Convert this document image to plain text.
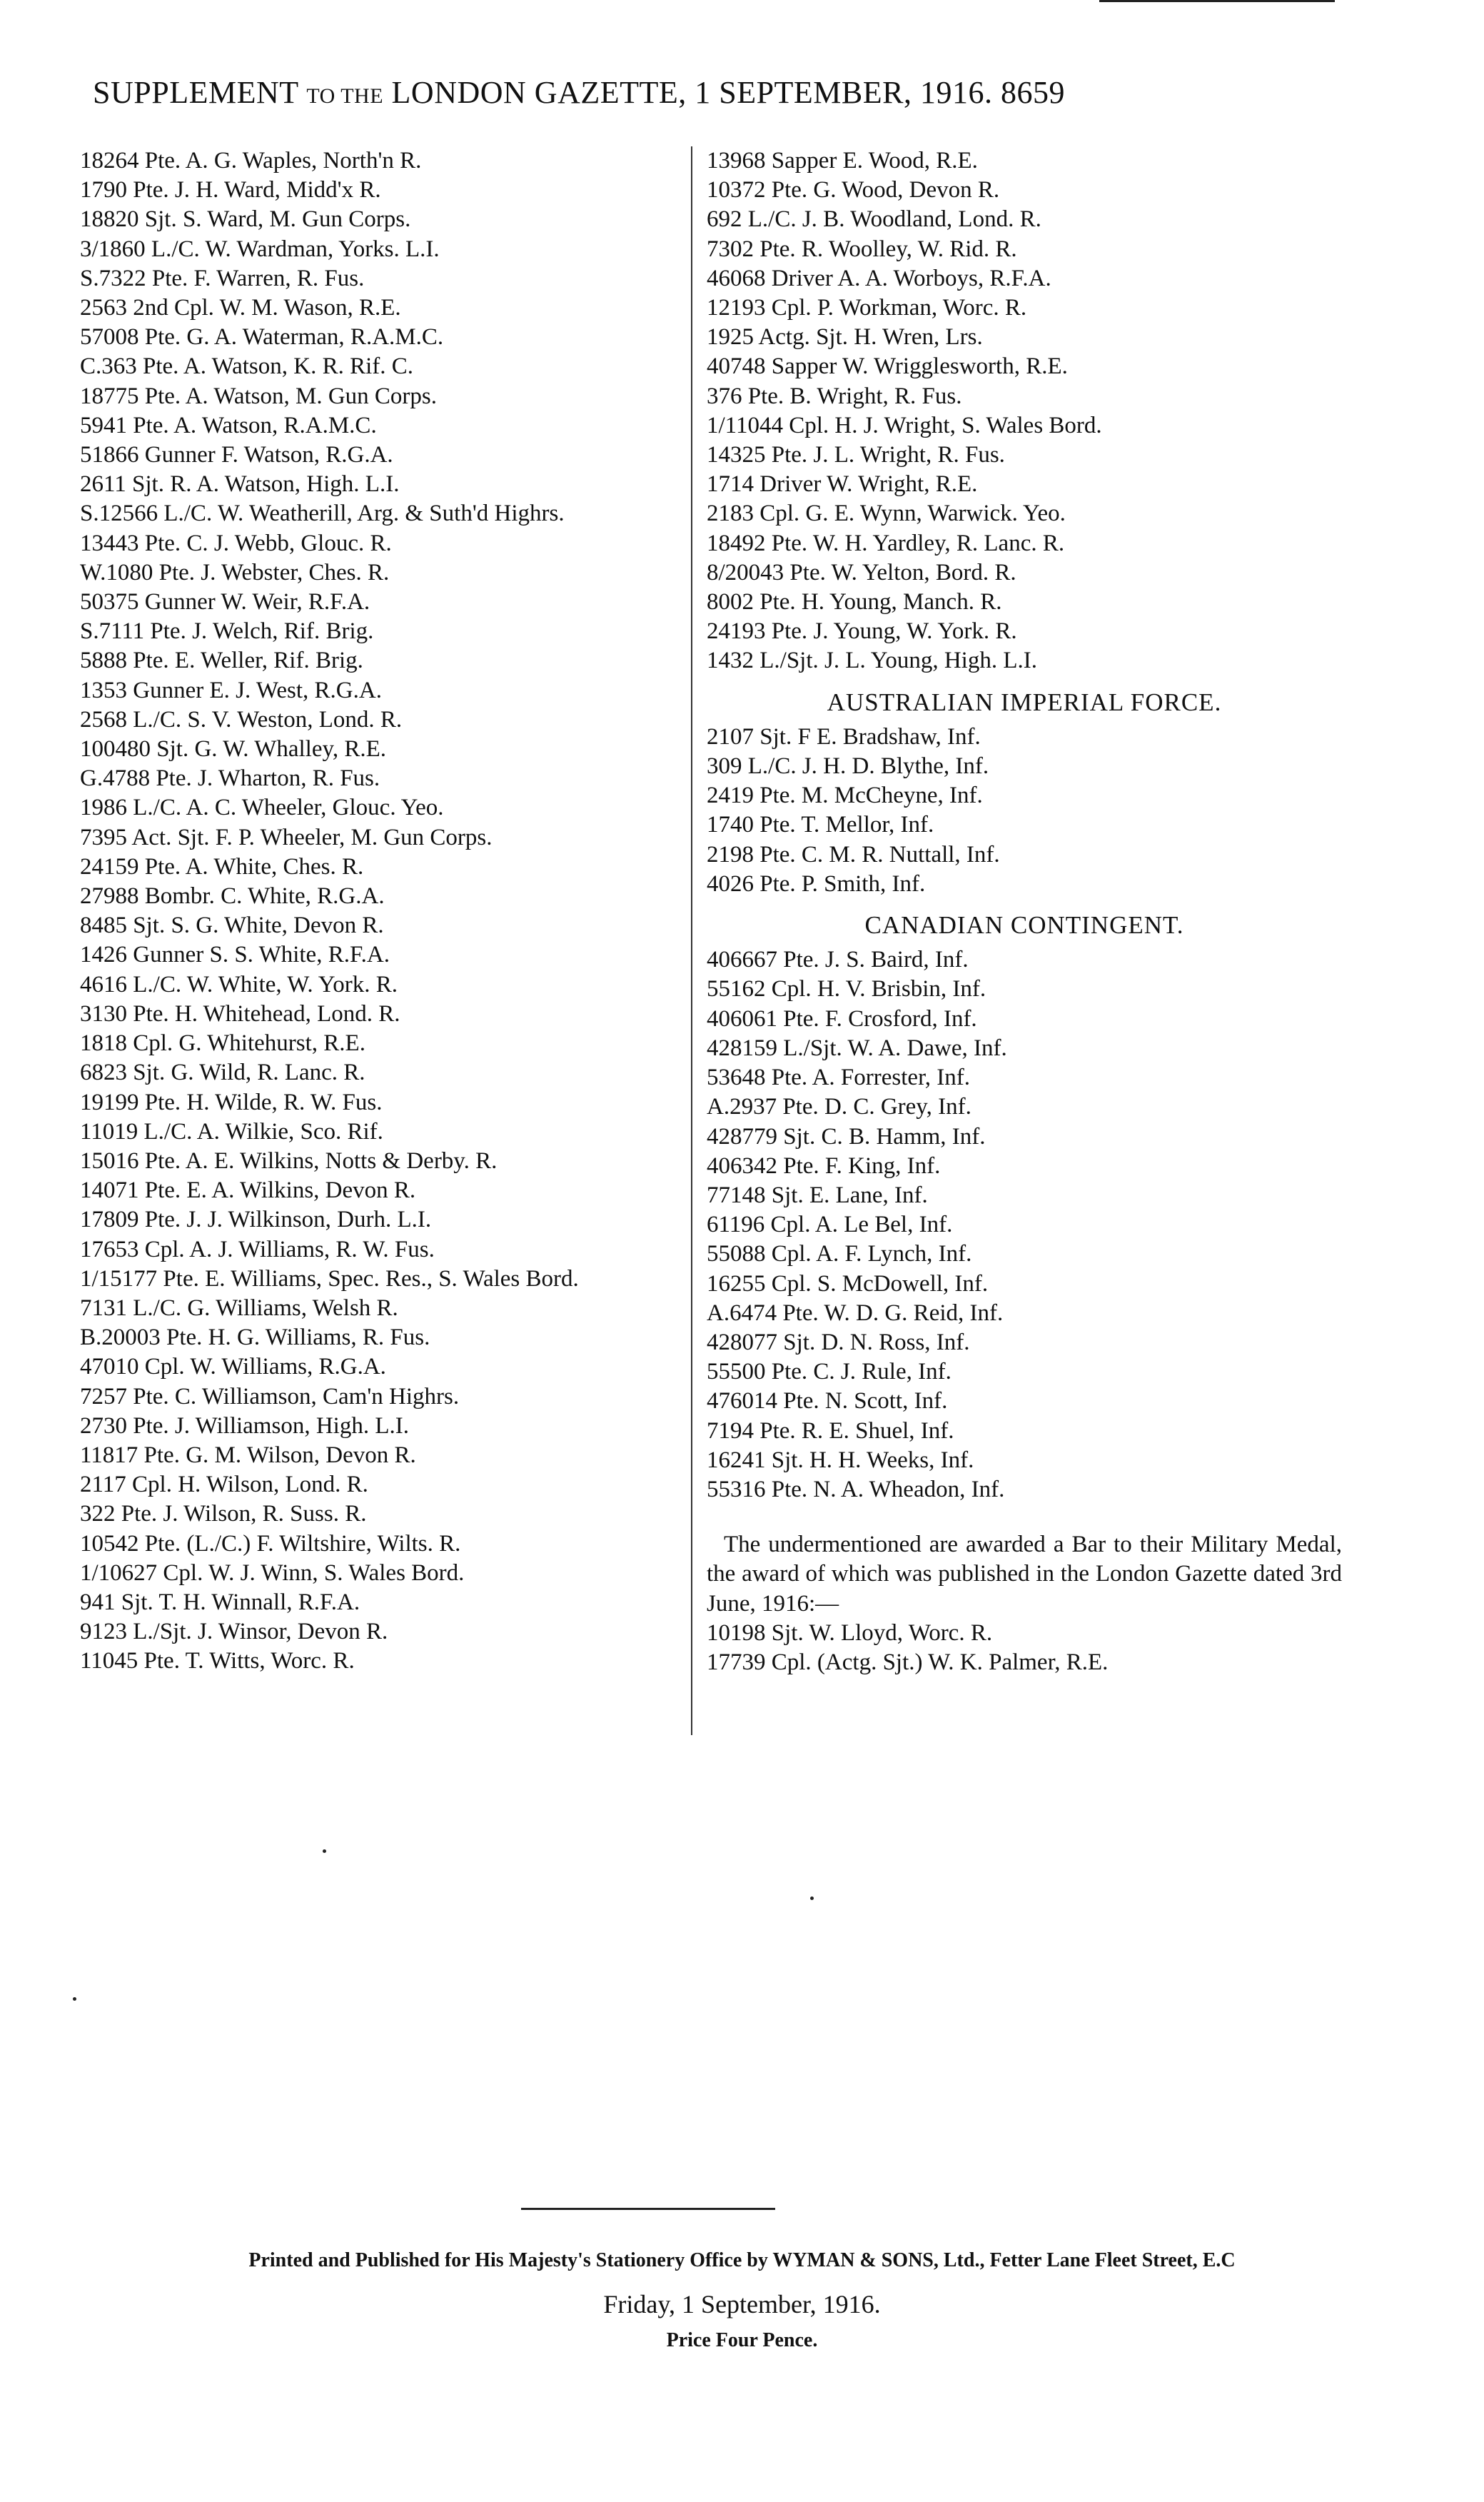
SUPPLEMENT TO THE LONDON GAZETTE, 1 SEPTEMBER, 1916. 8659
18264 Pte. A. G. Waples, North'n R.
1790 Pte. J. H. Ward, Midd'x R.
18820 Sjt. S. Ward, M. Gun Corps.
3/1860 L./C. W. Wardman, Yorks. L.I.
S.7322 Pte. F. Warren, R. Fus.
2563 2nd Cpl. W. M. Wason, R.E.
57008 Pte. G. A. Waterman, R.A.M.C.
C.363 Pte. A. Watson, K. R. Rif. C.
18775 Pte. A. Watson, M. Gun Corps.
5941 Pte. A. Watson, R.A.M.C.
51866 Gunner F. Watson, R.G.A.
2611 Sjt. R. A. Watson, High. L.I.
S.12566 L./C. W. Weatherill, Arg. & Suth'd Highrs.
13443 Pte. C. J. Webb, Glouc. R.
W.1080 Pte. J. Webster, Ches. R.
50375 Gunner W. Weir, R.F.A.
S.7111 Pte. J. Welch, Rif. Brig.
5888 Pte. E. Weller, Rif. Brig.
1353 Gunner E. J. West, R.G.A.
2568 L./C. S. V. Weston, Lond. R.
100480 Sjt. G. W. Whalley, R.E.
G.4788 Pte. J. Wharton, R. Fus.
1986 L./C. A. C. Wheeler, Glouc. Yeo.
7395 Act. Sjt. F. P. Wheeler, M. Gun Corps.
24159 Pte. A. White, Ches. R.
27988 Bombr. C. White, R.G.A.
8485 Sjt. S. G. White, Devon R.
1426 Gunner S. S. White, R.F.A.
4616 L./C. W. White, W. York. R.
3130 Pte. H. Whitehead, Lond. R.
1818 Cpl. G. Whitehurst, R.E.
6823 Sjt. G. Wild, R. Lanc. R.
19199 Pte. H. Wilde, R. W. Fus.
11019 L./C. A. Wilkie, Sco. Rif.
15016 Pte. A. E. Wilkins, Notts & Derby. R.
14071 Pte. E. A. Wilkins, Devon R.
17809 Pte. J. J. Wilkinson, Durh. L.I.
17653 Cpl. A. J. Williams, R. W. Fus.
1/15177 Pte. E. Williams, Spec. Res., S. Wales Bord.
7131 L./C. G. Williams, Welsh R.
B.20003 Pte. H. G. Williams, R. Fus.
47010 Cpl. W. Williams, R.G.A.
7257 Pte. C. Williamson, Cam'n Highrs.
2730 Pte. J. Williamson, High. L.I.
11817 Pte. G. M. Wilson, Devon R.
2117 Cpl. H. Wilson, Lond. R.
322 Pte. J. Wilson, R. Suss. R.
10542 Pte. (L./C.) F. Wiltshire, Wilts. R.
1/10627 Cpl. W. J. Winn, S. Wales Bord.
941 Sjt. T. H. Winnall, R.F.A.
9123 L./Sjt. J. Winsor, Devon R.
11045 Pte. T. Witts, Worc. R.
13968 Sapper E. Wood, R.E.
10372 Pte. G. Wood, Devon R.
692 L./C. J. B. Woodland, Lond. R.
7302 Pte. R. Woolley, W. Rid. R.
46068 Driver A. A. Worboys, R.F.A.
12193 Cpl. P. Workman, Worc. R.
1925 Actg. Sjt. H. Wren, Lrs.
40748 Sapper W. Wrigglesworth, R.E.
376 Pte. B. Wright, R. Fus.
1/11044 Cpl. H. J. Wright, S. Wales Bord.
14325 Pte. J. L. Wright, R. Fus.
1714 Driver W. Wright, R.E.
2183 Cpl. G. E. Wynn, Warwick. Yeo.
18492 Pte. W. H. Yardley, R. Lanc. R.
8/20043 Pte. W. Yelton, Bord. R.
8002 Pte. H. Young, Manch. R.
24193 Pte. J. Young, W. York. R.
1432 L./Sjt. J. L. Young, High. L.I.
AUSTRALIAN IMPERIAL FORCE.
2107 Sjt. F E. Bradshaw, Inf.
309 L./C. J. H. D. Blythe, Inf.
2419 Pte. M. McCheyne, Inf.
1740 Pte. T. Mellor, Inf.
2198 Pte. C. M. R. Nuttall, Inf.
4026 Pte. P. Smith, Inf.
CANADIAN CONTINGENT.
406667 Pte. J. S. Baird, Inf.
55162 Cpl. H. V. Brisbin, Inf.
406061 Pte. F. Crosford, Inf.
428159 L./Sjt. W. A. Dawe, Inf.
53648 Pte. A. Forrester, Inf.
A.2937 Pte. D. C. Grey, Inf.
428779 Sjt. C. B. Hamm, Inf.
406342 Pte. F. King, Inf.
77148 Sjt. E. Lane, Inf.
61196 Cpl. A. Le Bel, Inf.
55088 Cpl. A. F. Lynch, Inf.
16255 Cpl. S. McDowell, Inf.
A.6474 Pte. W. D. G. Reid, Inf.
428077 Sjt. D. N. Ross, Inf.
55500 Pte. C. J. Rule, Inf.
476014 Pte. N. Scott, Inf.
7194 Pte. R. E. Shuel, Inf.
16241 Sjt. H. H. Weeks, Inf.
55316 Pte. N. A. Wheadon, Inf.
The undermentioned are awarded a Bar to their Military Medal, the award of which was published in the London Gazette dated 3rd June, 1916:—
10198 Sjt. W. Lloyd, Worc. R.
17739 Cpl. (Actg. Sjt.) W. K. Palmer, R.E.
Printed and Published for His Majesty's Stationery Office by WYMAN & SONS, Ltd., Fetter Lane Fleet Street, E.C
Friday, 1 September, 1916.
Price Four Pence.
